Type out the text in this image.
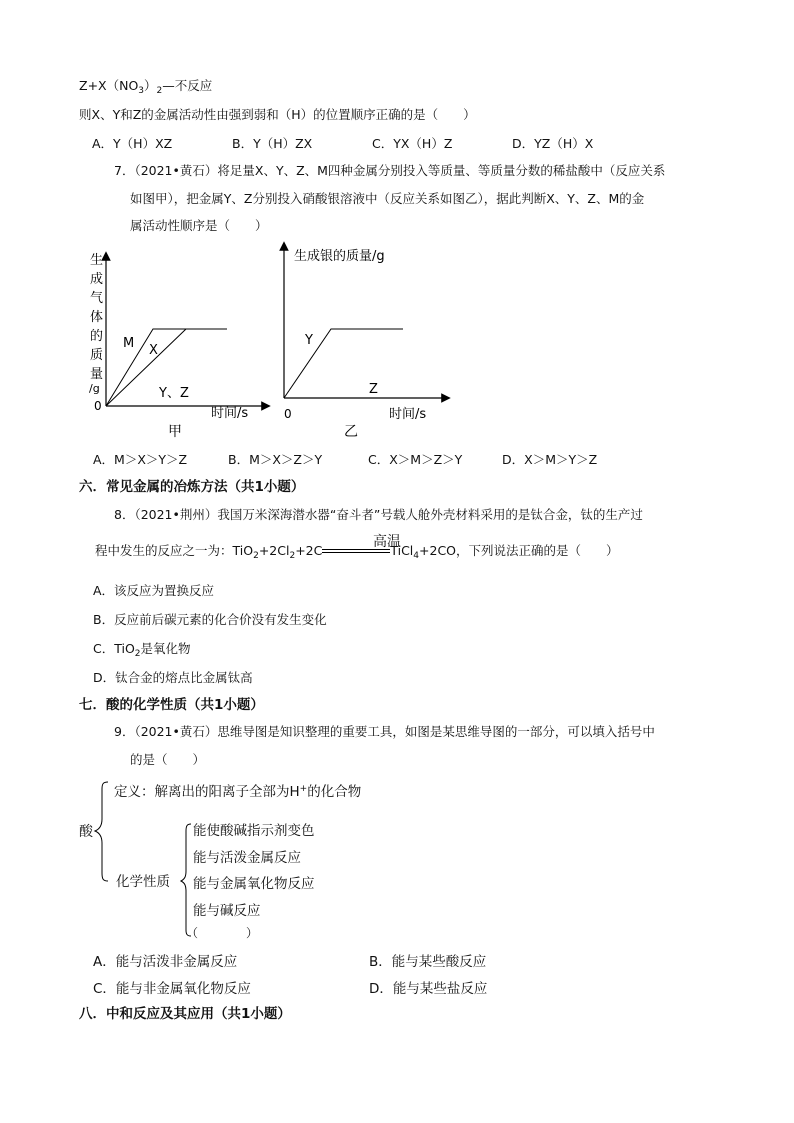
$Z+X(NO_3)_2—$不反应
则X、Y和Z的金属活动性由强到弱和（H）的位置顺序正确的是（　　）
A．Y（H）XZ	B．Y（H）ZX	C．YX（H）Z	D．YZ（H）X
7．（2021•黄石）将足量X、Y、Z、M四种金属分别投入等质量、等质量分数的稀盐酸中（反应关系
如图甲），把金属Y、Z分别投入硝酸银溶液中（反应关系如图乙），据此判断X、Y、Z、M的金
属活动性顺序是（　　）
生
成
气
体
的
质
量
/g
0
M X
Y、Z
时间/s
甲
生成银的质量/g
Y
Z
0	时间/s
乙
A．M＞X＞Y＞Z	B．M＞X＞Z＞Y	C．X＞M＞Z＞Y	D．X＞M＞Y＞Z
六．常见金属的冶炼方法（共1小题）
8．（2021•荆州）我国万米深海潜水器“奋斗者”号载人舱外壳材料采用的是钛合金，钛的生产过
程中发生的反应之一为：$TiO_2+2Cl_2+2C$	TiCl$_4$+2CO，下列说法正确的是（　　）
高温
A．该反应为置换反应
B．反应前后碳元素的化合价没有发生变化
C．TiO$_2$是氧化物
D．钛合金的熔点比金属钛高
七．酸的化学性质（共1小题）
9．（2021•黄石）思维导图是知识整理的重要工具，如图是某思维导图的一部分，可以填入括号中
的是（　　）
酸
定义：解离出的阳离子全部为H+的化合物
化学性质
能使酸碱指示剂变色
能与活泼金属反应
能与金属氧化物反应
能与碱反应
（　　　　）
A．能与活泼非金属反应	B．能与某些酸反应
C．能与非金属氧化物反应	D．能与某些盐反应
八．中和反应及其应用（共1小题）
